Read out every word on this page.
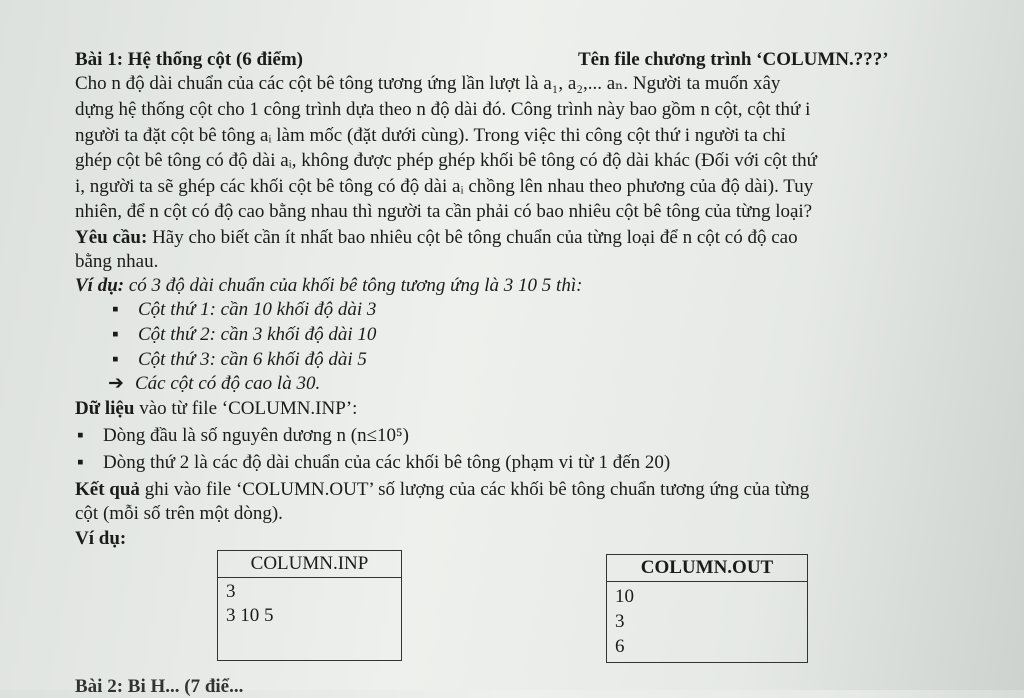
Bài 1: Hệ thống cột (6 điểm)	Tên file chương trình ‘COLUMN.???’
Cho n độ dài chuẩn của các cột bê tông tương ứng lần lượt là a₁, a₂,... aₙ. Người ta muốn xây
dựng hệ thống cột cho 1 công trình dựa theo n độ dài đó. Công trình này bao gồm n cột, cột thứ i
người ta đặt cột bê tông aᵢ làm mốc (đặt dưới cùng). Trong việc thi công cột thứ i người ta chỉ
ghép cột bê tông có độ dài aᵢ, không được phép ghép khối bê tông có độ dài khác (Đối với cột thứ
i, người ta sẽ ghép các khối cột bê tông có độ dài aᵢ chồng lên nhau theo phương của độ dài). Tuy
nhiên, để n cột có độ cao bằng nhau thì người ta cần phải có bao nhiêu cột bê tông của từng loại?
Yêu cầu: Hãy cho biết cần ít nhất bao nhiêu cột bê tông chuẩn của từng loại để n cột có độ cao
bằng nhau.
Ví dụ: có 3 độ dài chuẩn của khối bê tông tương ứng là 3 10 5 thì:
▪ Cột thứ 1: cần 10 khối độ dài 3
▪ Cột thứ 2: cần 3 khối độ dài 10
▪ Cột thứ 3: cần 6 khối độ dài 5
➔ Các cột có độ cao là 30.
Dữ liệu vào từ file ‘COLUMN.INP’:
▪ Dòng đầu là số nguyên dương n (n≤10⁵)
▪ Dòng thứ 2 là các độ dài chuẩn của các khối bê tông (phạm vi từ 1 đến 20)
Kết quả ghi vào file ‘COLUMN.OUT’ số lượng của các khối bê tông chuẩn tương ứng của từng
cột (mỗi số trên một dòng).
Ví dụ:
COLUMN.INP

3
3 10 5
COLUMN.OUT

10
3
6
Bài 2: Bi H... (7 điể...
